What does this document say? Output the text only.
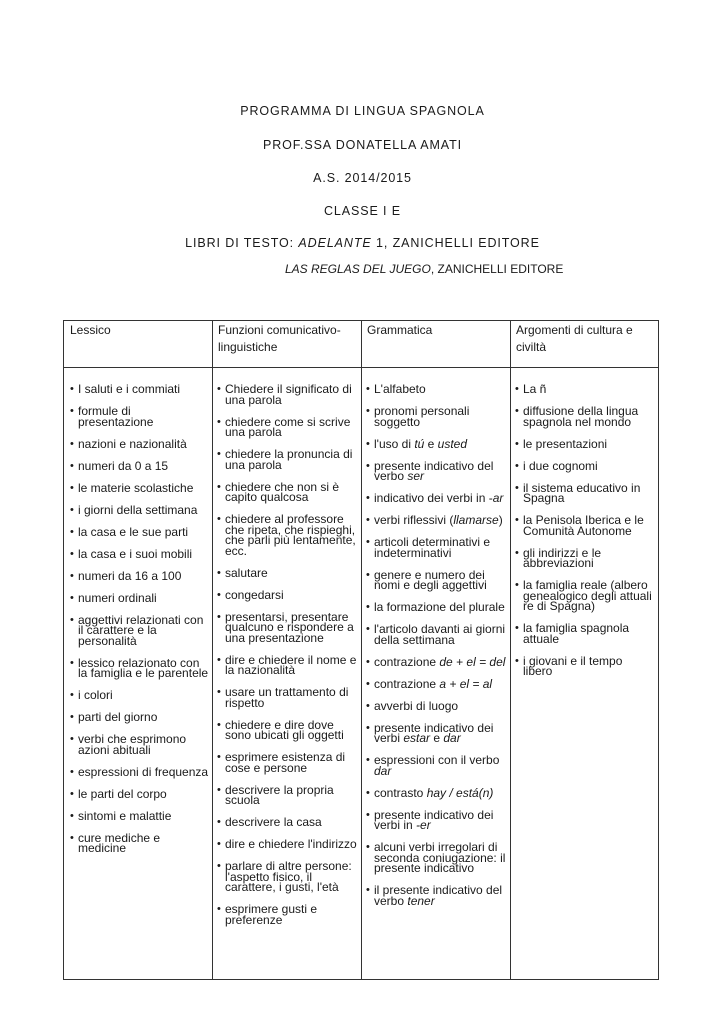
PROGRAMMA DI LINGUA SPAGNOLA
PROF.SSA DONATELLA AMATI
A.S. 2014/2015
CLASSE I E
LIBRI DI TESTO: ADELANTE 1, ZANICHELLI EDITORE
LAS REGLAS DEL JUEGO, ZANICHELLI EDITORE
Lessico	Funzioni comunicativo-linguistiche
Grammatica	Argomenti di cultura e civiltà
• I saluti e i commiati
• formule di presentazione
• nazioni e nazionalità
• numeri da 0 a 15
• le materie scolastiche
• i giorni della settimana
• la casa e le sue parti
• la casa e i suoi mobili
• numeri da 16 a 100
• numeri ordinali
• aggettivi relazionati con il carattere e la personalità
• lessico relazionato con la famiglia e le parentele
• i colori
• parti del giorno
• verbi che esprimono azioni abituali
• espressioni di frequenza
• le parti del corpo
• sintomi e malattie
• cure mediche e medicine
• Chiedere il significato di una parola
• chiedere come si scrive una parola
• chiedere la pronuncia di una parola
• chiedere che non si è capito qualcosa
• chiedere al professore che ripeta, che rispieghi, che parli più lentamente, ecc.
• salutare
• congedarsi
• presentarsi, presentare qualcuno e rispondere a una presentazione
• dire e chiedere il nome e la nazionalità
• usare un trattamento di rispetto
• chiedere e dire dove sono ubicati gli oggetti
• esprimere esistenza di cose e persone
• descrivere la propria scuola
• descrivere la casa
• dire e chiedere l'indirizzo
• parlare di altre persone: l'aspetto fisico, il carattere, i gusti, l'età
• esprimere gusti e preferenze
• L'alfabeto
• pronomi personali soggetto
• l'uso di tú e usted
• presente indicativo del verbo ser
• indicativo dei verbi in -ar
• verbi riflessivi (llamarse)
• articoli determinativi e indeterminativi
• genere e numero dei nomi e degli aggettivi
• la formazione del plurale
• l'articolo davanti ai giorni della settimana
• contrazione de + el = del
• contrazione a + el = al
• avverbi di luogo
• presente indicativo dei verbi estar e dar
• espressioni con il verbo dar
• contrasto hay / está(n)
• presente indicativo dei verbi in -er
• alcuni verbi irregolari di seconda coniugazione: il presente indicativo
• il presente indicativo del verbo tener
• La ñ
• diffusione della lingua spagnola nel mondo
• le presentazioni
• i due cognomi
• il sistema educativo in Spagna
• la Penisola Iberica e le Comunità Autonome
• gli indirizzi e le abbreviazioni
• la famiglia reale (albero genealogico degli attuali re di Spagna)
• la famiglia spagnola attuale
• i giovani e il tempo libero
